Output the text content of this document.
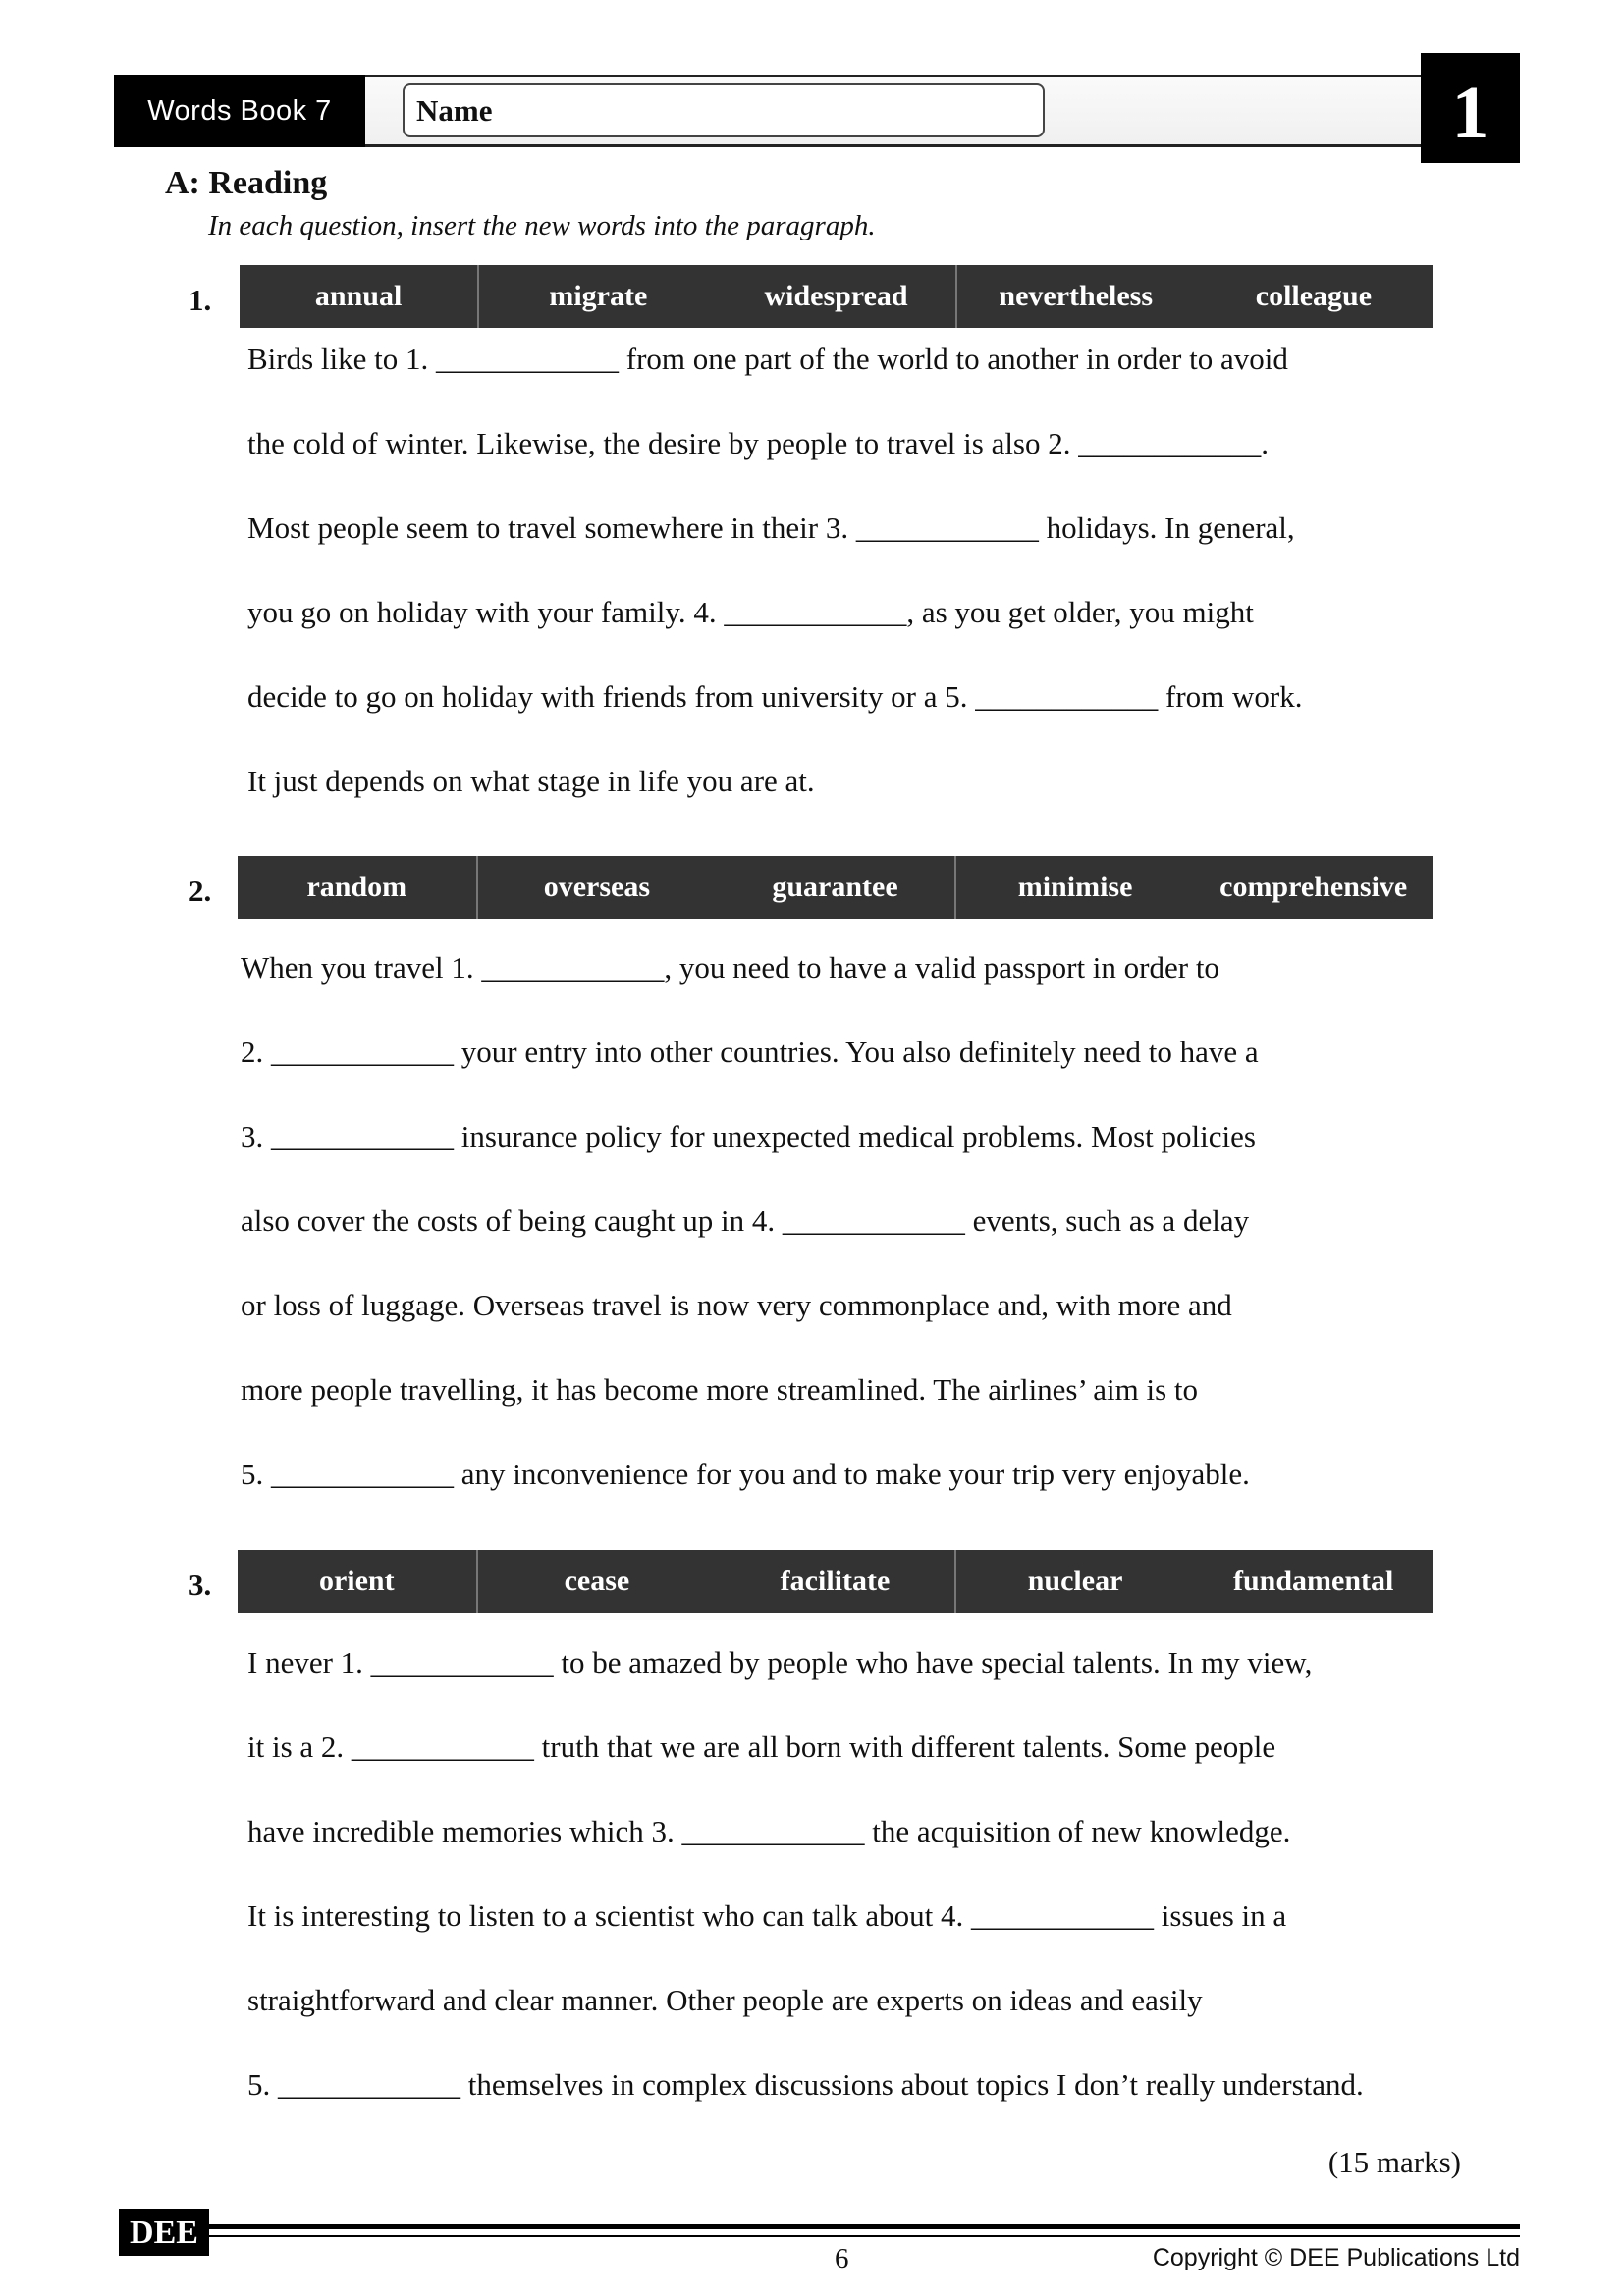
Words Book 7	Name	1
A: Reading
In each question, insert the new words into the paragraph.
1.	annual	migrate	widespread	nevertheless	colleague
Birds like to 1. ____________ from one part of the world to another in order to avoid
the cold of winter. Likewise, the desire by people to travel is also 2. ____________.
Most people seem to travel somewhere in their 3. ____________ holidays. In general,
you go on holiday with your family. 4. ____________, as you get older, you might
decide to go on holiday with friends from university or a 5. ____________ from work.
It just depends on what stage in life you are at.
2.	random	overseas	guarantee	minimise	comprehensive
When you travel 1. ____________, you need to have a valid passport in order to
2. ____________ your entry into other countries. You also definitely need to have a
3. ____________ insurance policy for unexpected medical problems. Most policies
also cover the costs of being caught up in 4. ____________ events, such as a delay
or loss of luggage. Overseas travel is now very commonplace and, with more and
more people travelling, it has become more streamlined. The airlines’ aim is to
5. ____________ any inconvenience for you and to make your trip very enjoyable.
3.	orient	cease	facilitate	nuclear	fundamental
I never 1. ____________ to be amazed by people who have special talents. In my view,
it is a 2. ____________ truth that we are all born with different talents. Some people
have incredible memories which 3. ____________ the acquisition of new knowledge.
It is interesting to listen to a scientist who can talk about 4. ____________ issues in a
straightforward and clear manner. Other people are experts on ideas and easily
5. ____________ themselves in complex discussions about topics I don’t really understand.
(15 marks)
DEE
6	Copyright © DEE Publications Ltd
